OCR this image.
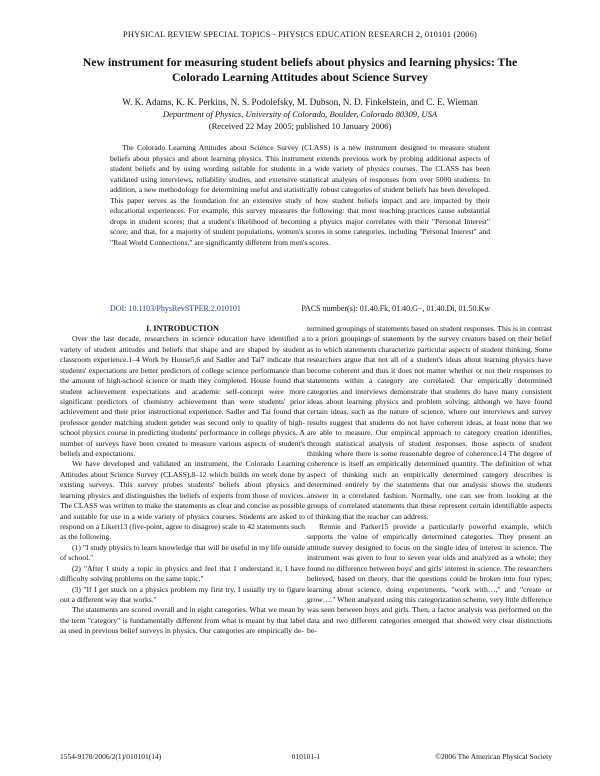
PHYSICAL REVIEW SPECIAL TOPICS - PHYSICS EDUCATION RESEARCH 2, 010101 (2006)
New instrument for measuring student beliefs about physics and learning physics: The Colorado Learning Attitudes about Science Survey
W. K. Adams, K. K. Perkins, N. S. Podolefsky, M. Dubson, N. D. Finkelstein, and C. E. Wieman
Department of Physics, University of Colorado, Boulder, Colorado 80309, USA
(Received 22 May 2005; published 10 January 2006)

The Colorado Learning Attitudes about Science Survey (CLASS) is a new instrument designed to measure student beliefs about physics and about learning physics. This instrument extends previous work by probing additional aspects of student beliefs and by using wording suitable for students in a wide variety of physics courses. The CLASS has been validated using interviews, reliability studies, and extensive statistical analyses of responses from over 5000 students. In addition, a new methodology for determining useful and statistically robust categories of student beliefs has been developed. This paper serves as the foundation for an extensive study of how student beliefs impact and are impacted by their educational experiences. For example, this survey measures the following: that most teaching practices cause substantial drops in student scores; that a student's likelihood of becoming a physics major correlates with their "Personal Interest" score; and that, for a majority of student populations, women's scores in some categories, including "Personal Interest" and "Real World Connections," are significantly different from men's scores.

DOI: 10.1103/PhysRevSTPER.2.010101	PACS number(s): 01.40.Fk, 01.40.G−, 01.40.Di, 01.50.Kw

I. INTRODUCTION

Over the last decade, researchers in science education have identified a variety of student attitudes and beliefs that shape and are shaped by student classroom experience.1–4 Work by House5,6 and Sadler and Tai7 indicate that students' expectations are better predictors of college science performance than the amount of high-school science or math they completed. House found that student achievement expectations and academic self-concept were more significant predictors of chemistry achievement than were students' prior achievement and their prior instructional experience. Sadler and Tai found that professor gender matching student gender was second only to quality of high-school physics course in predicting students' performance in college physics. A number of surveys have been created to measure various aspects of student's beliefs and expectations.

We have developed and validated an instrument, the Colorado Learning Attitudes about Science Survey (CLASS),8–12 which builds on work done by existing surveys. This survey probes students' beliefs about physics and learning physics and distinguishes the beliefs of experts from those of novices. The CLASS was written to make the statements as clear and concise as possible and suitable for use in a wide variety of physics courses. Students are asked to respond on a Likert13 (five-point, agree to disagree) scale to 42 statements such as the following.

(1) "I study physics to learn knowledge that will be useful in my life outside of school."

(2) "After I study a topic in physics and feel that I understand it, I have difficulty solving problems on the same topic."

(3) "If I get stuck on a physics problem my first try, I usually try to figure out a different way that works."

The statements are scored overall and in eight categories. What we mean by the term "category" is fundamentally different from what is meant by that label as used in previous belief surveys in physics. Our categories are empirically de-

termined groupings of statements based on student responses. This is in contrast to a priori groupings of statements by the survey creators based on their belief as to which statements characterize particular aspects of student thinking. Some researchers argue that not all of a student's ideas about learning physics have become coherent and thus it does not matter whether or not their responses to statements within a category are correlated. Our empirically determined categories and interviews demonstrate that students do have many consistent ideas about learning physics and problem solving; although we have found certain ideas, such as the nature of science, where our interviews and survey results suggest that students do not have coherent ideas, at least none that we are able to measure. Our empirical approach to category creation identifies, through statistical analysis of student responses, those aspects of student thinking where there is some reasonable degree of coherence.14 The degree of coherence is itself an empirically determined quantity. The definition of what aspect of thinking such an empirically determined category describes is determined entirely by the statements that our analysis shows the students answer in a correlated fashion. Normally, one can see from looking at the groups of correlated statements that these represent certain identifiable aspects of thinking that the teacher can address.

Rennie and Parker15 provide a particularly powerful example, which supports the value of empirically determined categories. They present an attitude survey designed to focus on the single idea of interest in science. The instrument was given to four to seven year olds and analyzed as a whole; they found no difference between boys' and girls' interest in science. The researchers believed, based on theory, that the questions could be broken into four types; learning about science, doing experiments, "work with…," and "create or grow…." When analyzed using this categorization scheme, very little difference was seen between boys and girls. Then, a factor analysis was performed on the data and two different categories emerged that showed very clear distinctions be-

1554-9178/2006/2(1)/010101(14)	010101-1	©2006 The American Physical Society
